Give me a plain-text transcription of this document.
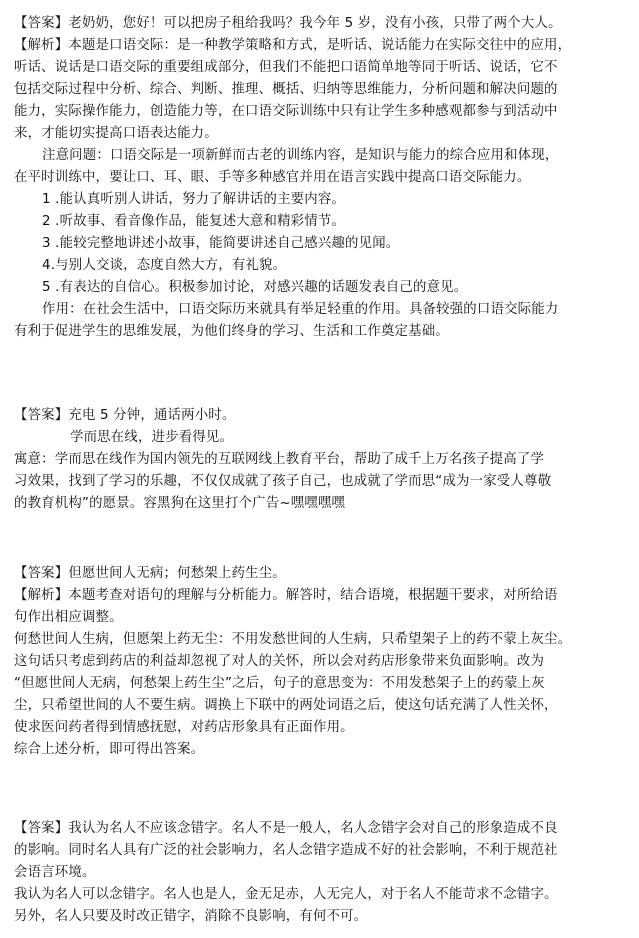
【答案】老奶奶，您好！可以把房子租给我吗？我今年 5 岁，没有小孩，只带了两个大人。
【解析】本题是口语交际：是一种教学策略和方式，是听话、说话能力在实际交往中的应用，
听话、说话是口语交际的重要组成部分，但我们不能把口语简单地等同于听话、说话，它不
包括交际过程中分析、综合、判断、推理、概括、归纳等思维能力，分析问题和解决问题的
能力，实际操作能力，创造能力等，在口语交际训练中只有让学生多种感观都参与到活动中
来，才能切实提高口语表达能力。
注意问题：口语交际是一项新鲜而古老的训练内容，是知识与能力的综合应用和体现，
在平时训练中，要让口、耳、眼、手等多种感官并用在语言实践中提高口语交际能力。
1 .能认真听别人讲话，努力了解讲话的主要内容。
2 .听故事、看音像作品，能复述大意和精彩情节。
3 .能较完整地讲述小故事，能简要讲述自己感兴趣的见闻。
4.与别人交谈，态度自然大方，有礼貌。
5 .有表达的自信心。积极参加讨论，对感兴趣的话题发表自己的意见。
作用：在社会生活中，口语交际历来就具有举足轻重的作用。具备较强的口语交际能力
有利于促进学生的思维发展，为他们终身的学习、生活和工作奠定基础。
【答案】充电 5 分钟，通话两小时。
学而思在线，进步看得见。
寓意：学而思在线作为国内领先的互联网线上教育平台，帮助了成千上万名孩子提高了学
习效果，找到了学习的乐趣，不仅仅成就了孩子自己，也成就了学而思“成为一家受人尊敬
的教育机构”的愿景。容黑狗在这里打个广告~嘿嘿嘿嘿
【答案】但愿世间人无病；何愁架上药生尘。
【解析】本题考查对语句的理解与分析能力。解答时，结合语境，根据题干要求，对所给语
句作出相应调整。
何愁世间人生病，但愿架上药无尘：不用发愁世间的人生病，只希望架子上的药不蒙上灰尘。
这句话只考虑到药店的利益却忽视了对人的关怀，所以会对药店形象带来负面影响。改为
“但愿世间人无病，何愁架上药生尘”之后，句子的意思变为：不用发愁架子上的药蒙上灰
尘，只希望世间的人不要生病。调换上下联中的两处词语之后，使这句话充满了人性关怀，
使求医问药者得到情感抚慰，对药店形象具有正面作用。
综合上述分析，即可得出答案。
【答案】我认为名人不应该念错字。名人不是一般人，名人念错字会对自己的形象造成不良
的影响。同时名人具有广泛的社会影响力，名人念错字造成不好的社会影响，不利于规范社
会语言环境。
我认为名人可以念错字。名人也是人，金无足赤，人无完人，对于名人不能苛求不念错字。
另外，名人只要及时改正错字，消除不良影响，有何不可。
